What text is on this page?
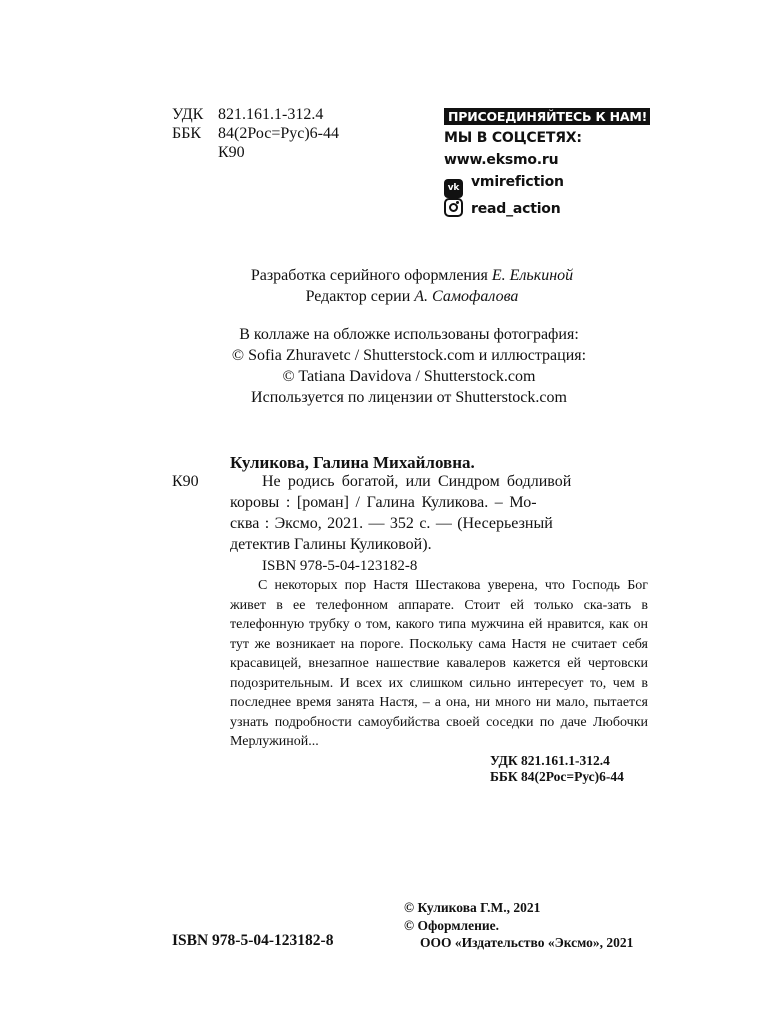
УДК 821.161.1-312.4
ББК 84(2Рос=Рус)6-44
К90
ПРИСОЕДИНЯЙТЕСЬ К НАМ!
МЫ В СОЦСЕТЯХ:
www.eksmo.ru
vk vmirefiction
read_action
Разработка серийного оформления Е. Елькиной
Редактор серии А. Самофалова
В коллаже на обложке использованы фотография:
© Sofia Zhuravetc / Shutterstock.com и иллюстрация:
© Tatiana Davidova / Shutterstock.com
Используется по лицензии от Shutterstock.com
Куликова, Галина Михайловна.
К90	Не родись богатой, или Синдром бодливой
коровы : [роман] / Галина Куликова. – Мо-
сква : Эксмо, 2021. — 352 с. — (Несерьезный
детектив Галины Куликовой).
ISBN 978-5-04-123182-8
С некоторых пор Настя Шестакова уверена, что Господь Бог живет в ее телефонном аппарате. Стоит ей только ска-зать в телефонную трубку о том, какого типа мужчина ей нравится, как он тут же возникает на пороге. Поскольку сама Настя не считает себя красавицей, внезапное нашествие кавалеров кажется ей чертовски подозрительным. И всех их слишком сильно интересует то, чем в последнее время занята Настя, – а она, ни много ни мало, пытается узнать подробности самоубийства своей соседки по даче Любочки Мерлужиной...
УДК 821.161.1-312.4
ББК 84(2Рос=Рус)6-44
© Куликова Г.М., 2021
© Оформление.
ISBN 978-5-04-123182-8	ООО «Издательство «Эксмо», 2021
